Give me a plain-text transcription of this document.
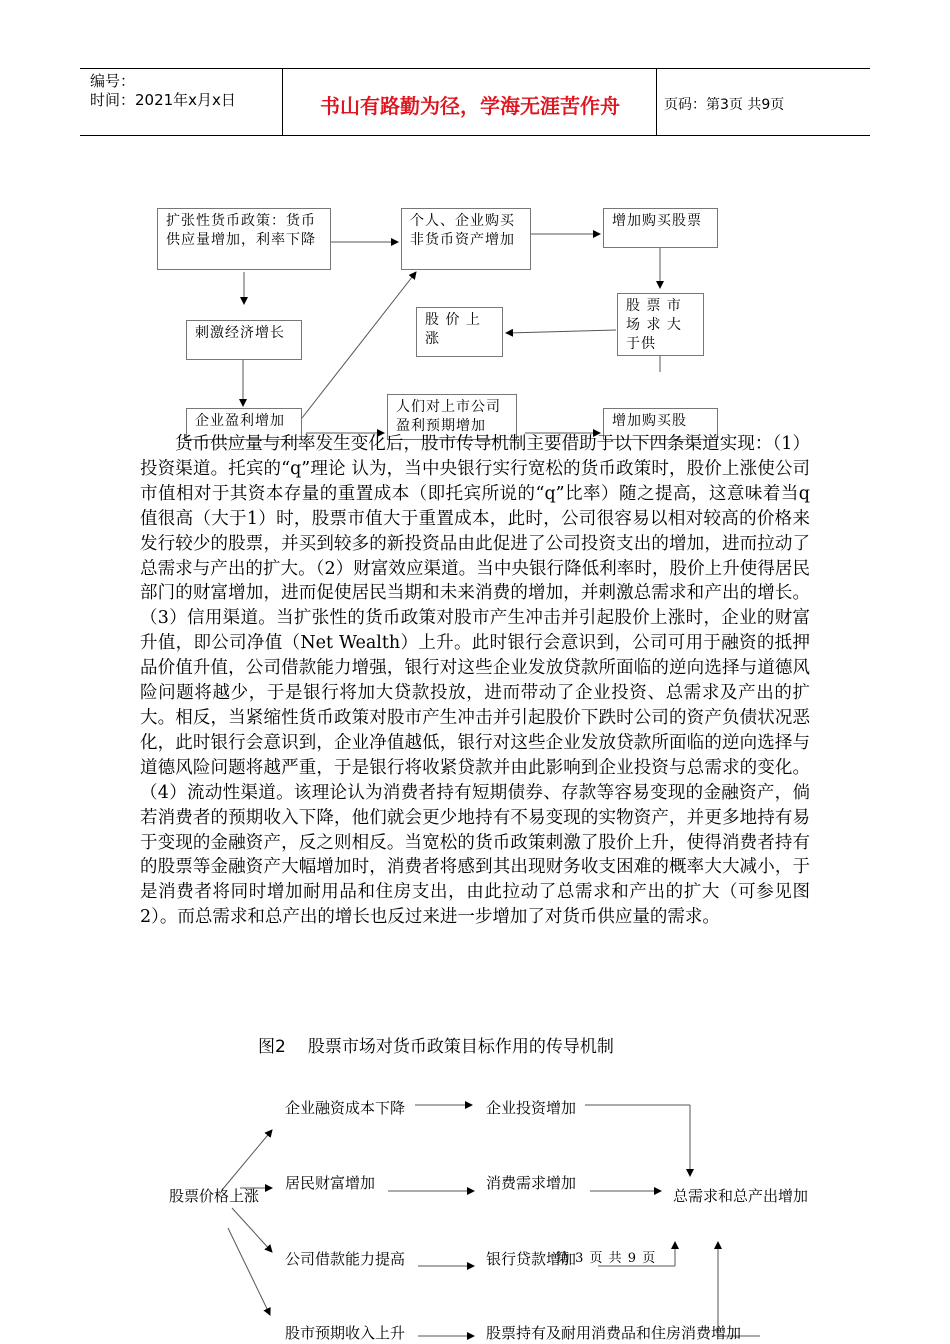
编号：
时间：2021年x月x日	书山有路勤为径，学海无涯苦作舟	页码：第3页 共9页
扩张性货币政策：货币供应量增加，利率下降
个人、企业购买非货币资产增加
增加购买股票
刺激经济增长
股 价 上涨
股 票 市场 求 大于供
企业盈利增加
人们对上市公司盈利预期增加	增加购买股
货币供应量与利率发生变化后，股市传导机制主要借助于以下四条渠道实现：（1）投资渠道。托宾的“q”理论 认为，当中央银行实行宽松的货币政策时，股价上涨使公司市值相对于其资本存量的重置成本（即托宾所说的“q”比率）随之提高，这意味着当q值很高（大于1）时，股票市值大于重置成本，此时，公司很容易以相对较高的价格来发行较少的股票，并买到较多的新投资品由此促进了公司投资支出的增加，进而拉动了总需求与产出的扩大。（2）财富效应渠道。当中央银行降低利率时，股价上升使得居民部门的财富增加，进而促使居民当期和未来消费的增加，并刺激总需求和产出的增长。（3）信用渠道。当扩张性的货币政策对股市产生冲击并引起股价上涨时，企业的财富升值，即公司净值（Net Wealth）上升。此时银行会意识到，公司可用于融资的抵押品价值升值，公司借款能力增强，银行对这些企业发放贷款所面临的逆向选择与道德风险问题将越少，于是银行将加大贷款投放，进而带动了企业投资、总需求及产出的扩大。相反，当紧缩性货币政策对股市产生冲击并引起股价下跌时公司的资产负债状况恶化，此时银行会意识到，企业净值越低，银行对这些企业发放贷款所面临的逆向选择与道德风险问题将越严重，于是银行将收紧贷款并由此影响到企业投资与总需求的变化。（4）流动性渠道。该理论认为消费者持有短期债券、存款等容易变现的金融资产，倘若消费者的预期收入下降，他们就会更少地持有不易变现的实物资产，并更多地持有易于变现的金融资产，反之则相反。当宽松的货币政策刺激了股价上升，使得消费者持有的股票等金融资产大幅增加时，消费者将感到其出现财务收支困难的概率大大减小，于是消费者将同时增加耐用品和住房支出，由此拉动了总需求和产出的扩大（可参见图2）。而总需求和总产出的增长也反过来进一步增加了对货币供应量的需求。
图2 股票市场对货币政策目标作用的传导机制
股票价格上涨
企业融资成本下降
居民财富增加
公司借款能力提高
股市预期收入上升
企业投资增加
消费需求增加
银行贷款增加
股票持有及耐用消费品和住房消费增加
总需求和总产出增加
第 3 页 共 9 页
